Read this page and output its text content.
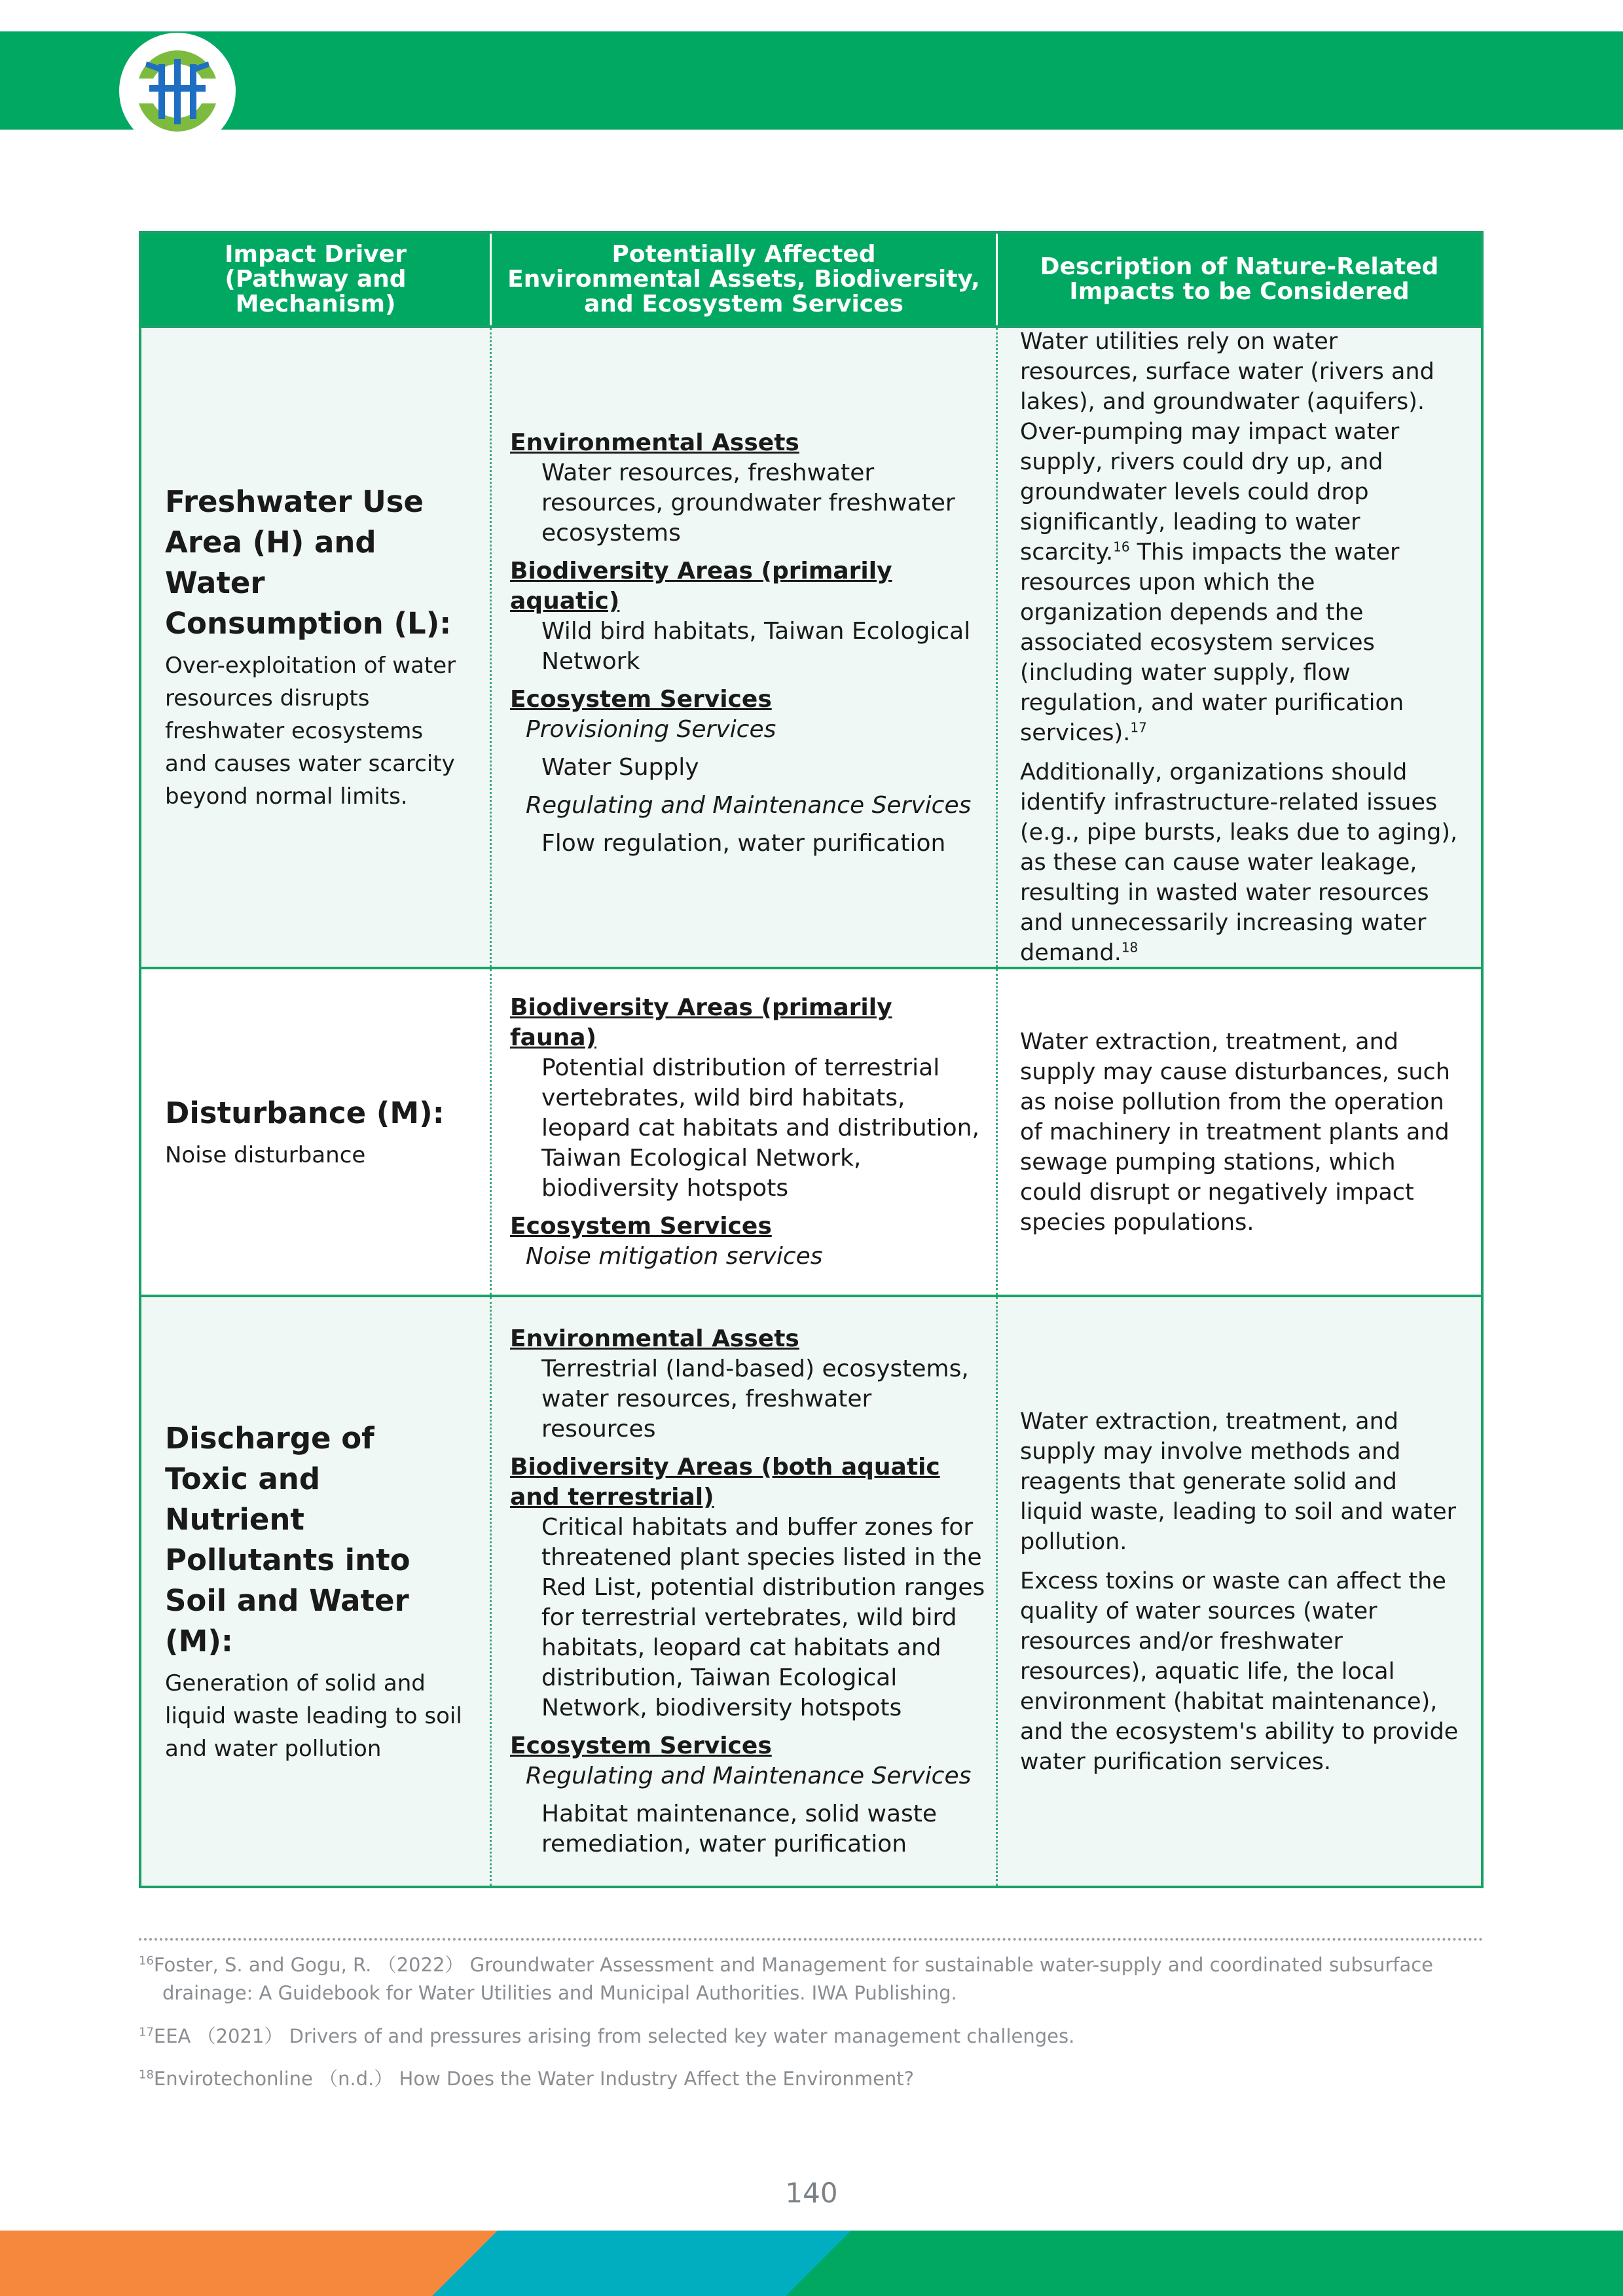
Impact Driver
(Pathway and Mechanism)
Potentially Affected
Environmental Assets, Biodiversity,
and Ecosystem Services
Description of Nature-Related
Impacts to be Considered
Freshwater Use Area (H) and Water Consumption (L):
Over-exploitation of water resources disrupts freshwater ecosystems and causes water scarcity beyond normal limits.
Environmental Assets
Water resources, freshwater resources, groundwater freshwater ecosystems
Biodiversity Areas (primarily aquatic)
Wild bird habitats, Taiwan Ecological Network
Ecosystem Services
Provisioning Services
Water Supply
Regulating and Maintenance Services
Flow regulation, water purification
Water utilities rely on water resources, surface water (rivers and lakes), and groundwater (aquifers). Over-pumping may impact water supply, rivers could dry up, and groundwater levels could drop significantly, leading to water scarcity.$^{16}$ This impacts the water resources upon which the organization depends and the associated ecosystem services (including water supply, flow regulation, and water purification services).$^{17}$
Additionally, organizations should identify infrastructure-related issues (e.g., pipe bursts, leaks due to aging), as these can cause water leakage, resulting in wasted water resources and unnecessarily increasing water demand.$^{18}$
Disturbance (M):
Noise disturbance
Biodiversity Areas (primarily fauna)
Potential distribution of terrestrial vertebrates, wild bird habitats, leopard cat habitats and distribution, Taiwan Ecological Network, biodiversity hotspots
Ecosystem Services
Noise mitigation services
Water extraction, treatment, and supply may cause disturbances, such as noise pollution from the operation of machinery in treatment plants and sewage pumping stations, which could disrupt or negatively impact species populations.
Discharge of Toxic and Nutrient Pollutants into Soil and Water (M):
Generation of solid and liquid waste leading to soil and water pollution
Environmental Assets
Terrestrial (land-based) ecosystems, water resources, freshwater resources
Biodiversity Areas (both aquatic and terrestrial)
Critical habitats and buffer zones for threatened plant species listed in the Red List, potential distribution ranges for terrestrial vertebrates, wild bird habitats, leopard cat habitats and distribution, Taiwan Ecological Network, biodiversity hotspots
Ecosystem Services
Regulating and Maintenance Services
Habitat maintenance, solid waste remediation, water purification
Water extraction, treatment, and supply may involve methods and reagents that generate solid and liquid waste, leading to soil and water pollution.
Excess toxins or waste can affect the quality of water sources (water resources and/or freshwater resources), aquatic life, the local environment (habitat maintenance), and the ecosystem's ability to provide water purification services.
$^{16}$Foster, S. and Gogu, R. （2022） Groundwater Assessment and Management for sustainable water-supply and coordinated subsurface
drainage: A Guidebook for Water Utilities and Municipal Authorities. IWA Publishing.
$^{17}$EEA （2021） Drivers of and pressures arising from selected key water management challenges.
$^{18}$Envirotechonline （n.d.） How Does the Water Industry Affect the Environment?
140
